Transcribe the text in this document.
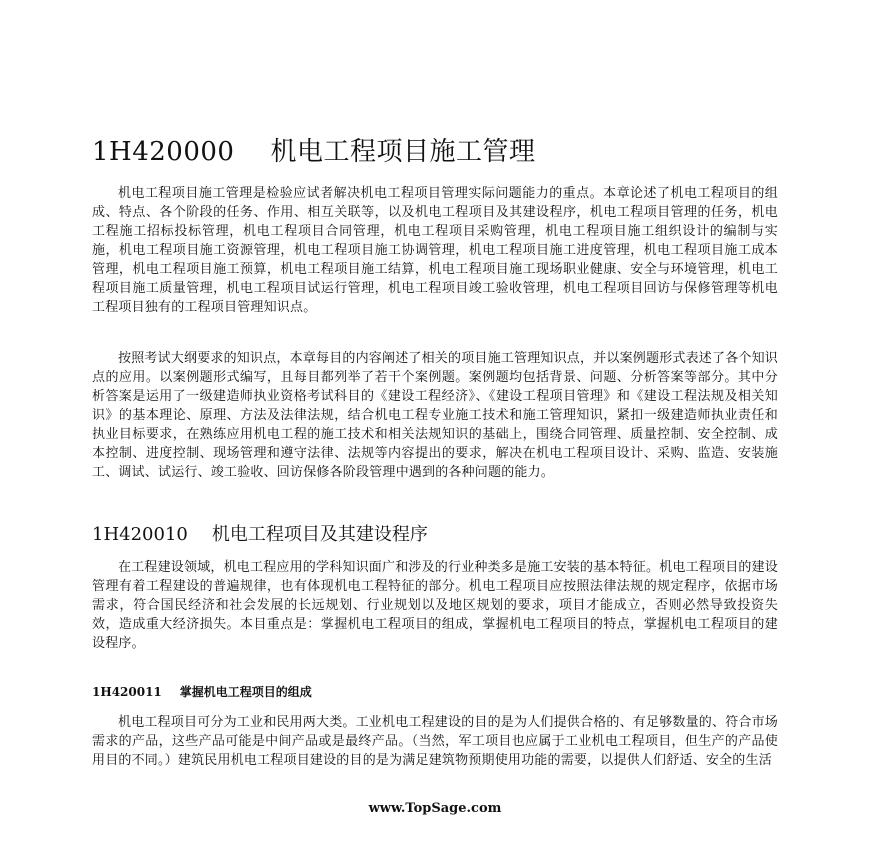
1H420000 机电工程项目施工管理

机电工程项目施工管理是检验应试者解决机电工程项目管理实际问题能力的重点。本章论述了机电工程项目的组成、特点、各个阶段的任务、作用、相互关联等，以及机电工程项目及其建设程序，机电工程项目管理的任务，机电工程施工招标投标管理，机电工程项目合同管理，机电工程项目采购管理，机电工程项目施工组织设计的编制与实施，机电工程项目施工资源管理，机电工程项目施工协调管理，机电工程项目施工进度管理，机电工程项目施工成本管理，机电工程项目施工预算，机电工程项目施工结算，机电工程项目施工现场职业健康、安全与环境管理，机电工程项目施工质量管理，机电工程项目试运行管理，机电工程项目竣工验收管理，机电工程项目回访与保修管理等机电工程项目独有的工程项目管理知识点。

按照考试大纲要求的知识点，本章每目的内容阐述了相关的项目施工管理知识点，并以案例题形式表述了各个知识点的应用。以案例题形式编写，且每目都列举了若干个案例题。案例题均包括背景、问题、分析答案等部分。其中分析答案是运用了一级建造师执业资格考试科目的《建设工程经济》、《建设工程项目管理》和《建设工程法规及相关知识》的基本理论、原理、方法及法律法规，结合机电工程专业施工技术和施工管理知识，紧扣一级建造师执业责任和执业目标要求，在熟练应用机电工程的施工技术和相关法规知识的基础上，围绕合同管理、质量控制、安全控制、成本控制、进度控制、现场管理和遵守法律、法规等内容提出的要求，解决在机电工程项目设计、采购、监造、安装施工、调试、试运行、竣工验收、回访保修各阶段管理中遇到的各种问题的能力。

1H420010 机电工程项目及其建设程序

在工程建设领域，机电工程应用的学科知识面广和涉及的行业种类多是施工安装的基本特征。机电工程项目的建设管理有着工程建设的普遍规律，也有体现机电工程特征的部分。机电工程项目应按照法律法规的规定程序，依据市场需求，符合国民经济和社会发展的长远规划、行业规划以及地区规划的要求，项目才能成立，否则必然导致投资失效，造成重大经济损失。本目重点是：掌握机电工程项目的组成，掌握机电工程项目的特点，掌握机电工程项目的建设程序。

1H420011 掌握机电工程项目的组成

机电工程项目可分为工业和民用两大类。工业机电工程建设的目的是为人们提供合格的、有足够数量的、符合市场需求的产品，这些产品可能是中间产品或是最终产品。（当然，军工项目也应属于工业机电工程项目，但生产的产品使用目的不同。）建筑民用机电工程项目建设的目的是为满足建筑物预期使用功能的需要，以提供人们舒适、安全的生活

www.TopSage.com
